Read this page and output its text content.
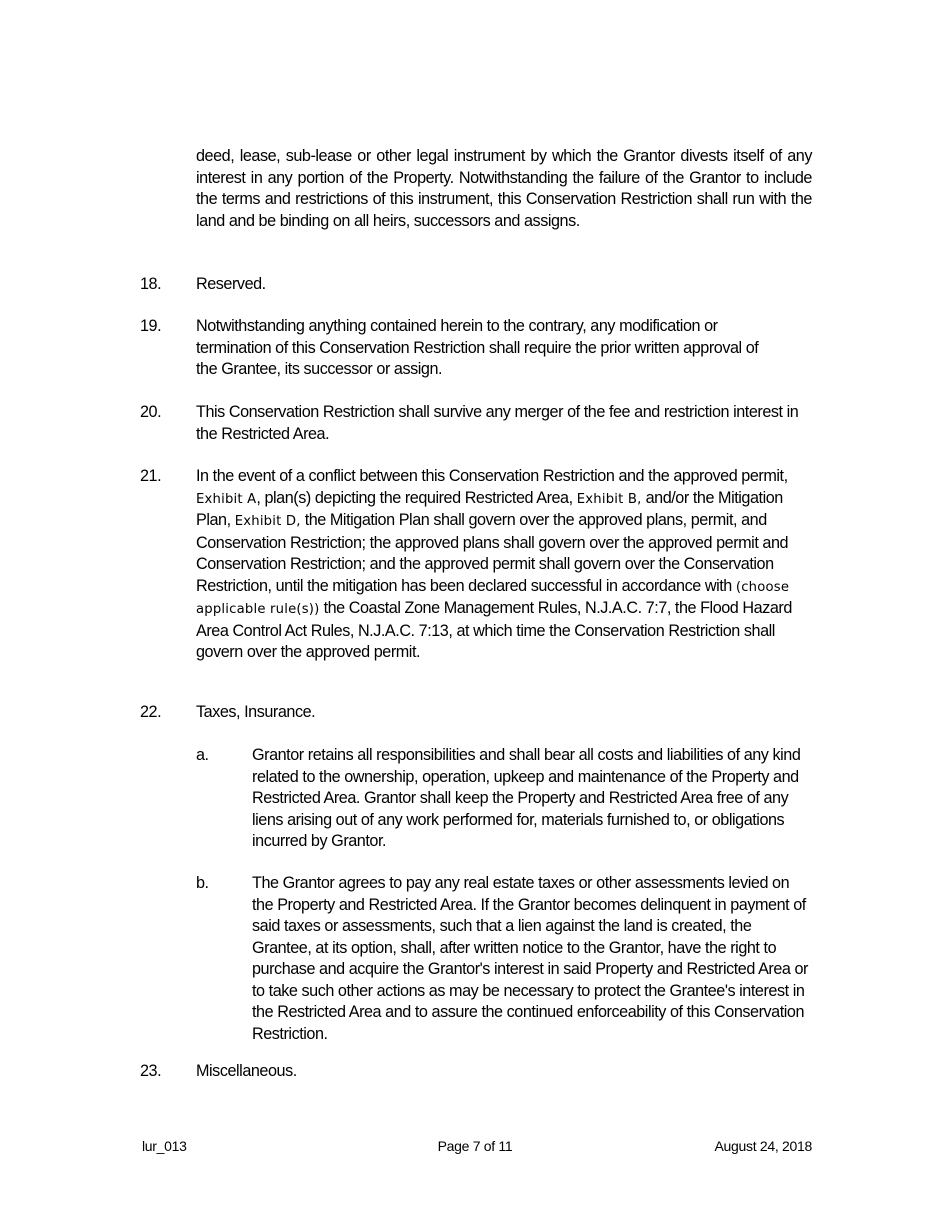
deed, lease, sub-lease or other legal instrument by which the Grantor divests itself of any interest in any portion of the Property. Notwithstanding the failure of the Grantor to include the terms and restrictions of this instrument, this Conservation Restriction shall run with the land and be binding on all heirs, successors and assigns.

18. Reserved.

19. Notwithstanding anything contained herein to the contrary, any modification or termination of this Conservation Restriction shall require the prior written approval of the Grantee, its successor or assign.

20. This Conservation Restriction shall survive any merger of the fee and restriction interest in the Restricted Area.

21. In the event of a conflict between this Conservation Restriction and the approved permit, Exhibit A, plan(s) depicting the required Restricted Area, Exhibit B, and/or the Mitigation Plan, Exhibit D, the Mitigation Plan shall govern over the approved plans, permit, and Conservation Restriction; the approved plans shall govern over the approved permit and Conservation Restriction; and the approved permit shall govern over the Conservation Restriction, until the mitigation has been declared successful in accordance with (choose applicable rule(s)) the Coastal Zone Management Rules, N.J.A.C. 7:7, the Flood Hazard Area Control Act Rules, N.J.A.C. 7:13, at which time the Conservation Restriction shall govern over the approved permit.

22. Taxes, Insurance.

a.	Grantor retains all responsibilities and shall bear all costs and liabilities of any kind related to the ownership, operation, upkeep and maintenance of the Property and Restricted Area. Grantor shall keep the Property and Restricted Area free of any liens arising out of any work performed for, materials furnished to, or obligations incurred by Grantor.

b.	The Grantor agrees to pay any real estate taxes or other assessments levied on the Property and Restricted Area. If the Grantor becomes delinquent in payment of said taxes or assessments, such that a lien against the land is created, the Grantee, at its option, shall, after written notice to the Grantor, have the right to purchase and acquire the Grantor's interest in said Property and Restricted Area or to take such other actions as may be necessary to protect the Grantee's interest in the Restricted Area and to assure the continued enforceability of this Conservation Restriction.

23. Miscellaneous.

lur_013	Page 7 of 11	August 24, 2018
